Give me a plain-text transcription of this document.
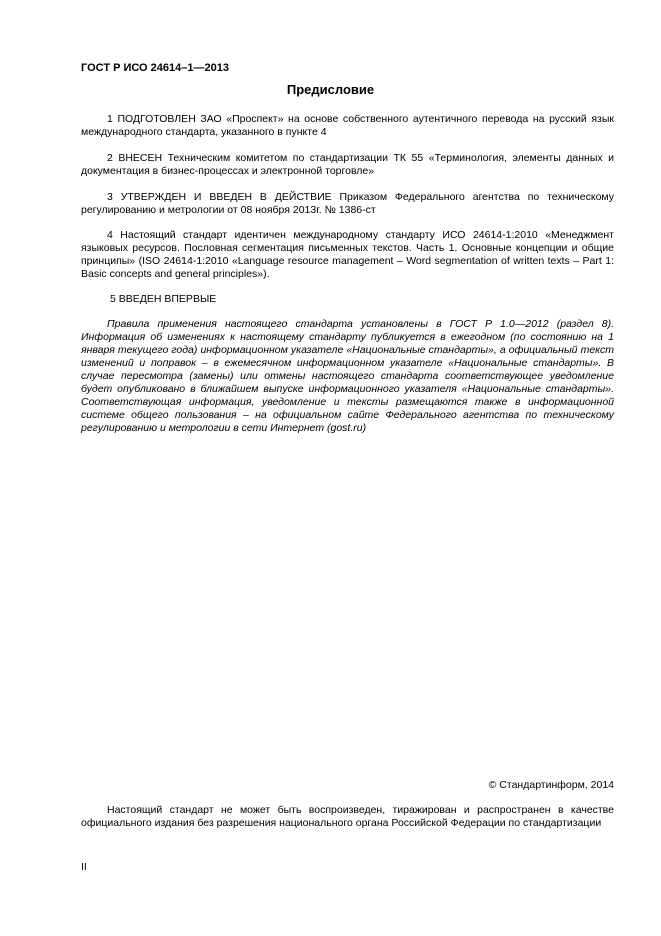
ГОСТ Р ИСО 24614–1—2013
Предисловие

1 ПОДГОТОВЛЕН ЗАО «Проспект» на основе собственного аутентичного перевода на русский язык международного стандарта, указанного в пункте 4

2 ВНЕСЕН Техническим комитетом по стандартизации ТК 55 «Терминология, элементы данных и документация в бизнес-процессах и электронной торговле»

3 УТВЕРЖДЕН И ВВЕДЕН В ДЕЙСТВИЕ Приказом Федерального агентства по техническому регулированию и метрологии от 08 ноября 2013г. № 1386-ст

4 Настоящий стандарт идентичен международному стандарту ИСО 24614-1:2010 «Менеджмент языковых ресурсов. Пословная сегментация письменных текстов. Часть 1. Основные концепции и общие принципы» (ISO 24614-1:2010 «Language resource management – Word segmentation of written texts – Part 1: Basic concepts and general principles»).

5 ВВЕДЕН ВПЕРВЫЕ

Правила применения настоящего стандарта установлены в ГОСТ Р 1.0—2012 (раздел 8). Информация об изменениях к настоящему стандарту публикуется в ежегодном (по состоянию на 1 января текущего года) информационном указателе «Национальные стандарты», а официальный текст изменений и поправок – в ежемесячном информационном указателе «Национальные стандарты». В случае пересмотра (замены) или отмены настоящего стандарта соответствующее уведомление будет опубликовано в ближайшем выпуске информационного указателя «Национальные стандарты». Соответствующая информация, уведомление и тексты размещаются также в информационной системе общего пользования – на официальном сайте Федерального агентства по техническому регулированию и метрологии в сети Интернет (gost.ru)

© Стандартинформ, 2014

Настоящий стандарт не может быть воспроизведен, тиражирован и распространен в качестве официального издания без разрешения национального органа Российской Федерации по стандартизации

II
